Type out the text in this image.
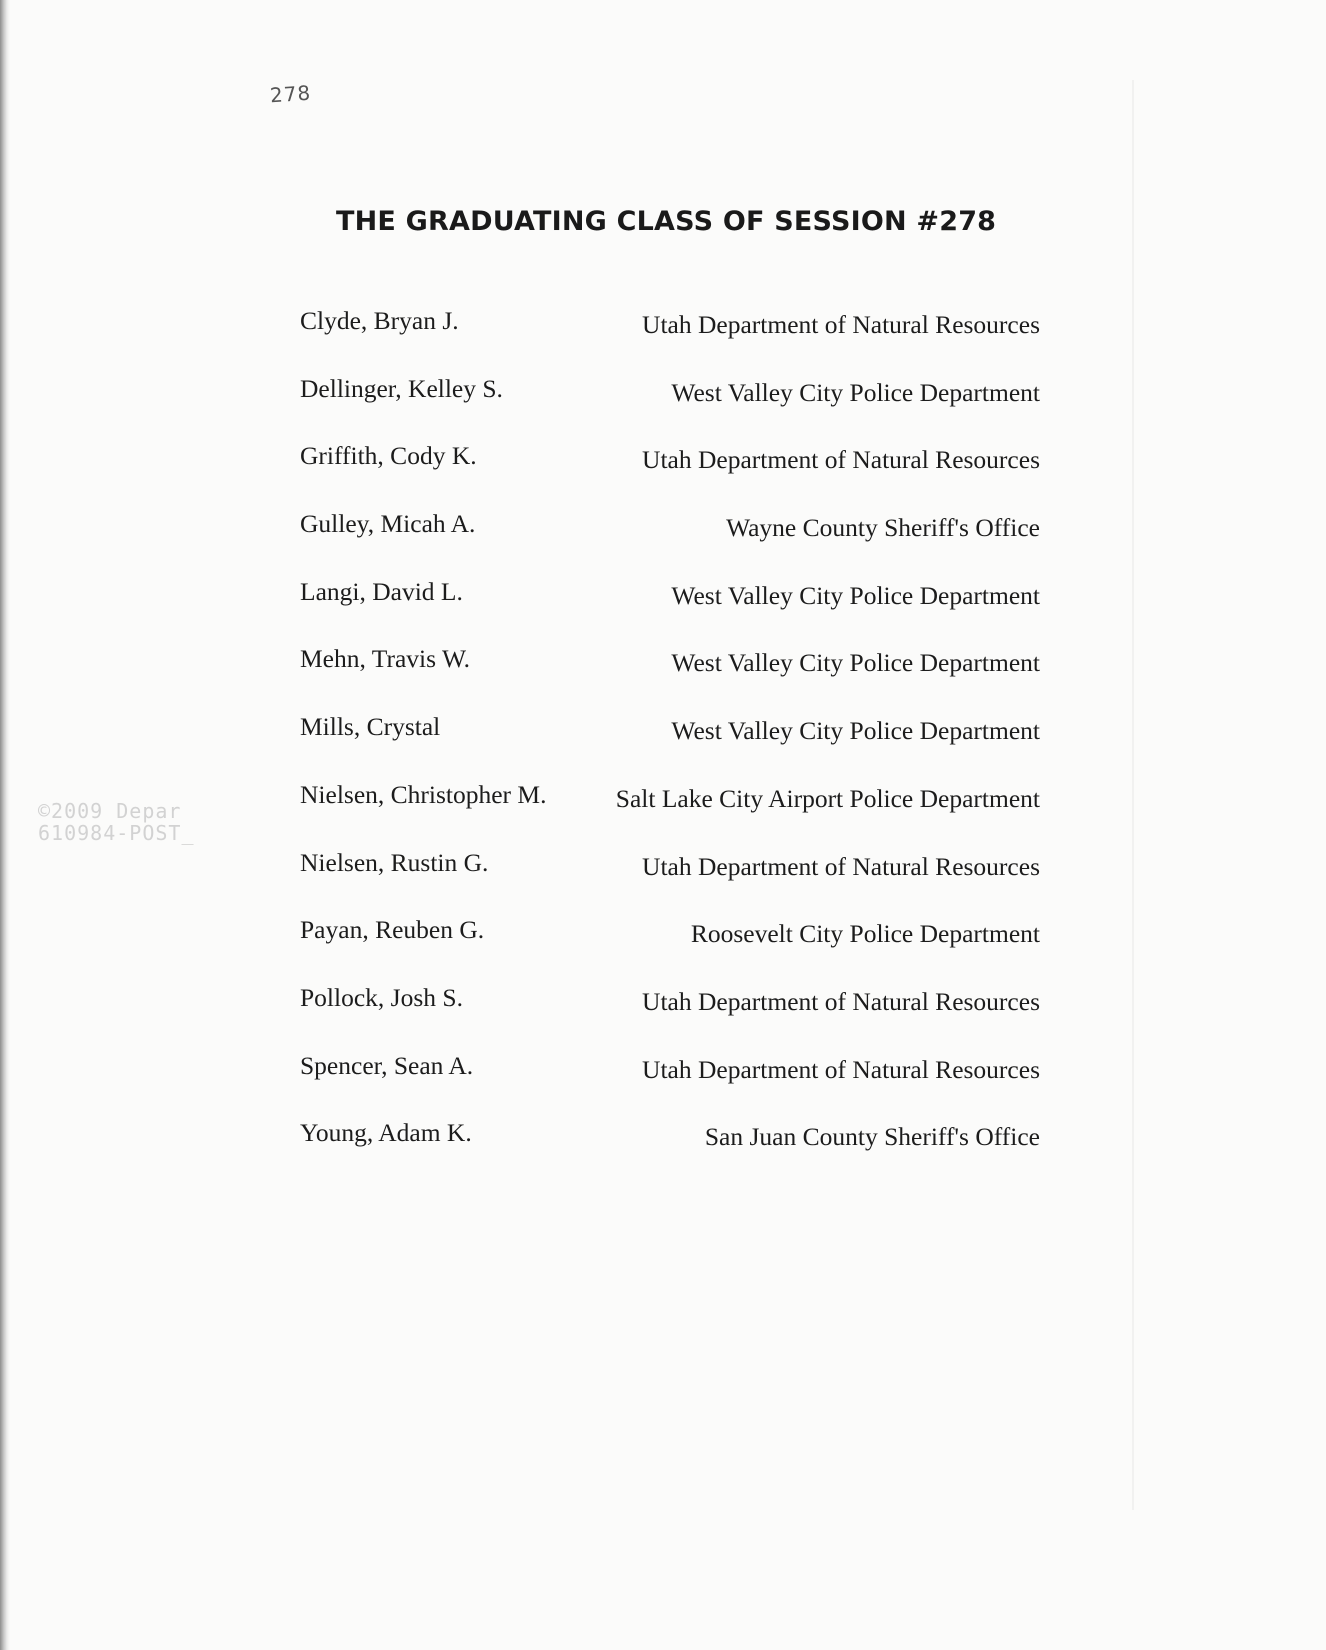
278
THE GRADUATING CLASS OF SESSION #278
Clyde, Bryan J.	Utah Department of Natural Resources
Dellinger, Kelley S.	West Valley City Police Department
Griffith, Cody K.	Utah Department of Natural Resources
Gulley, Micah A.	Wayne County Sheriff's Office
Langi, David L.	West Valley City Police Department
Mehn, Travis W.	West Valley City Police Department
Mills, Crystal	West Valley City Police Department
Nielsen, Christopher M.	Salt Lake City Airport Police Department
Nielsen, Rustin G.	Utah Department of Natural Resources
Payan, Reuben G.	Roosevelt City Police Department
Pollock, Josh S.	Utah Department of Natural Resources
Spencer, Sean A.	Utah Department of Natural Resources
Young, Adam K.	San Juan County Sheriff's Office
©2009 Depar
610984-POST_
